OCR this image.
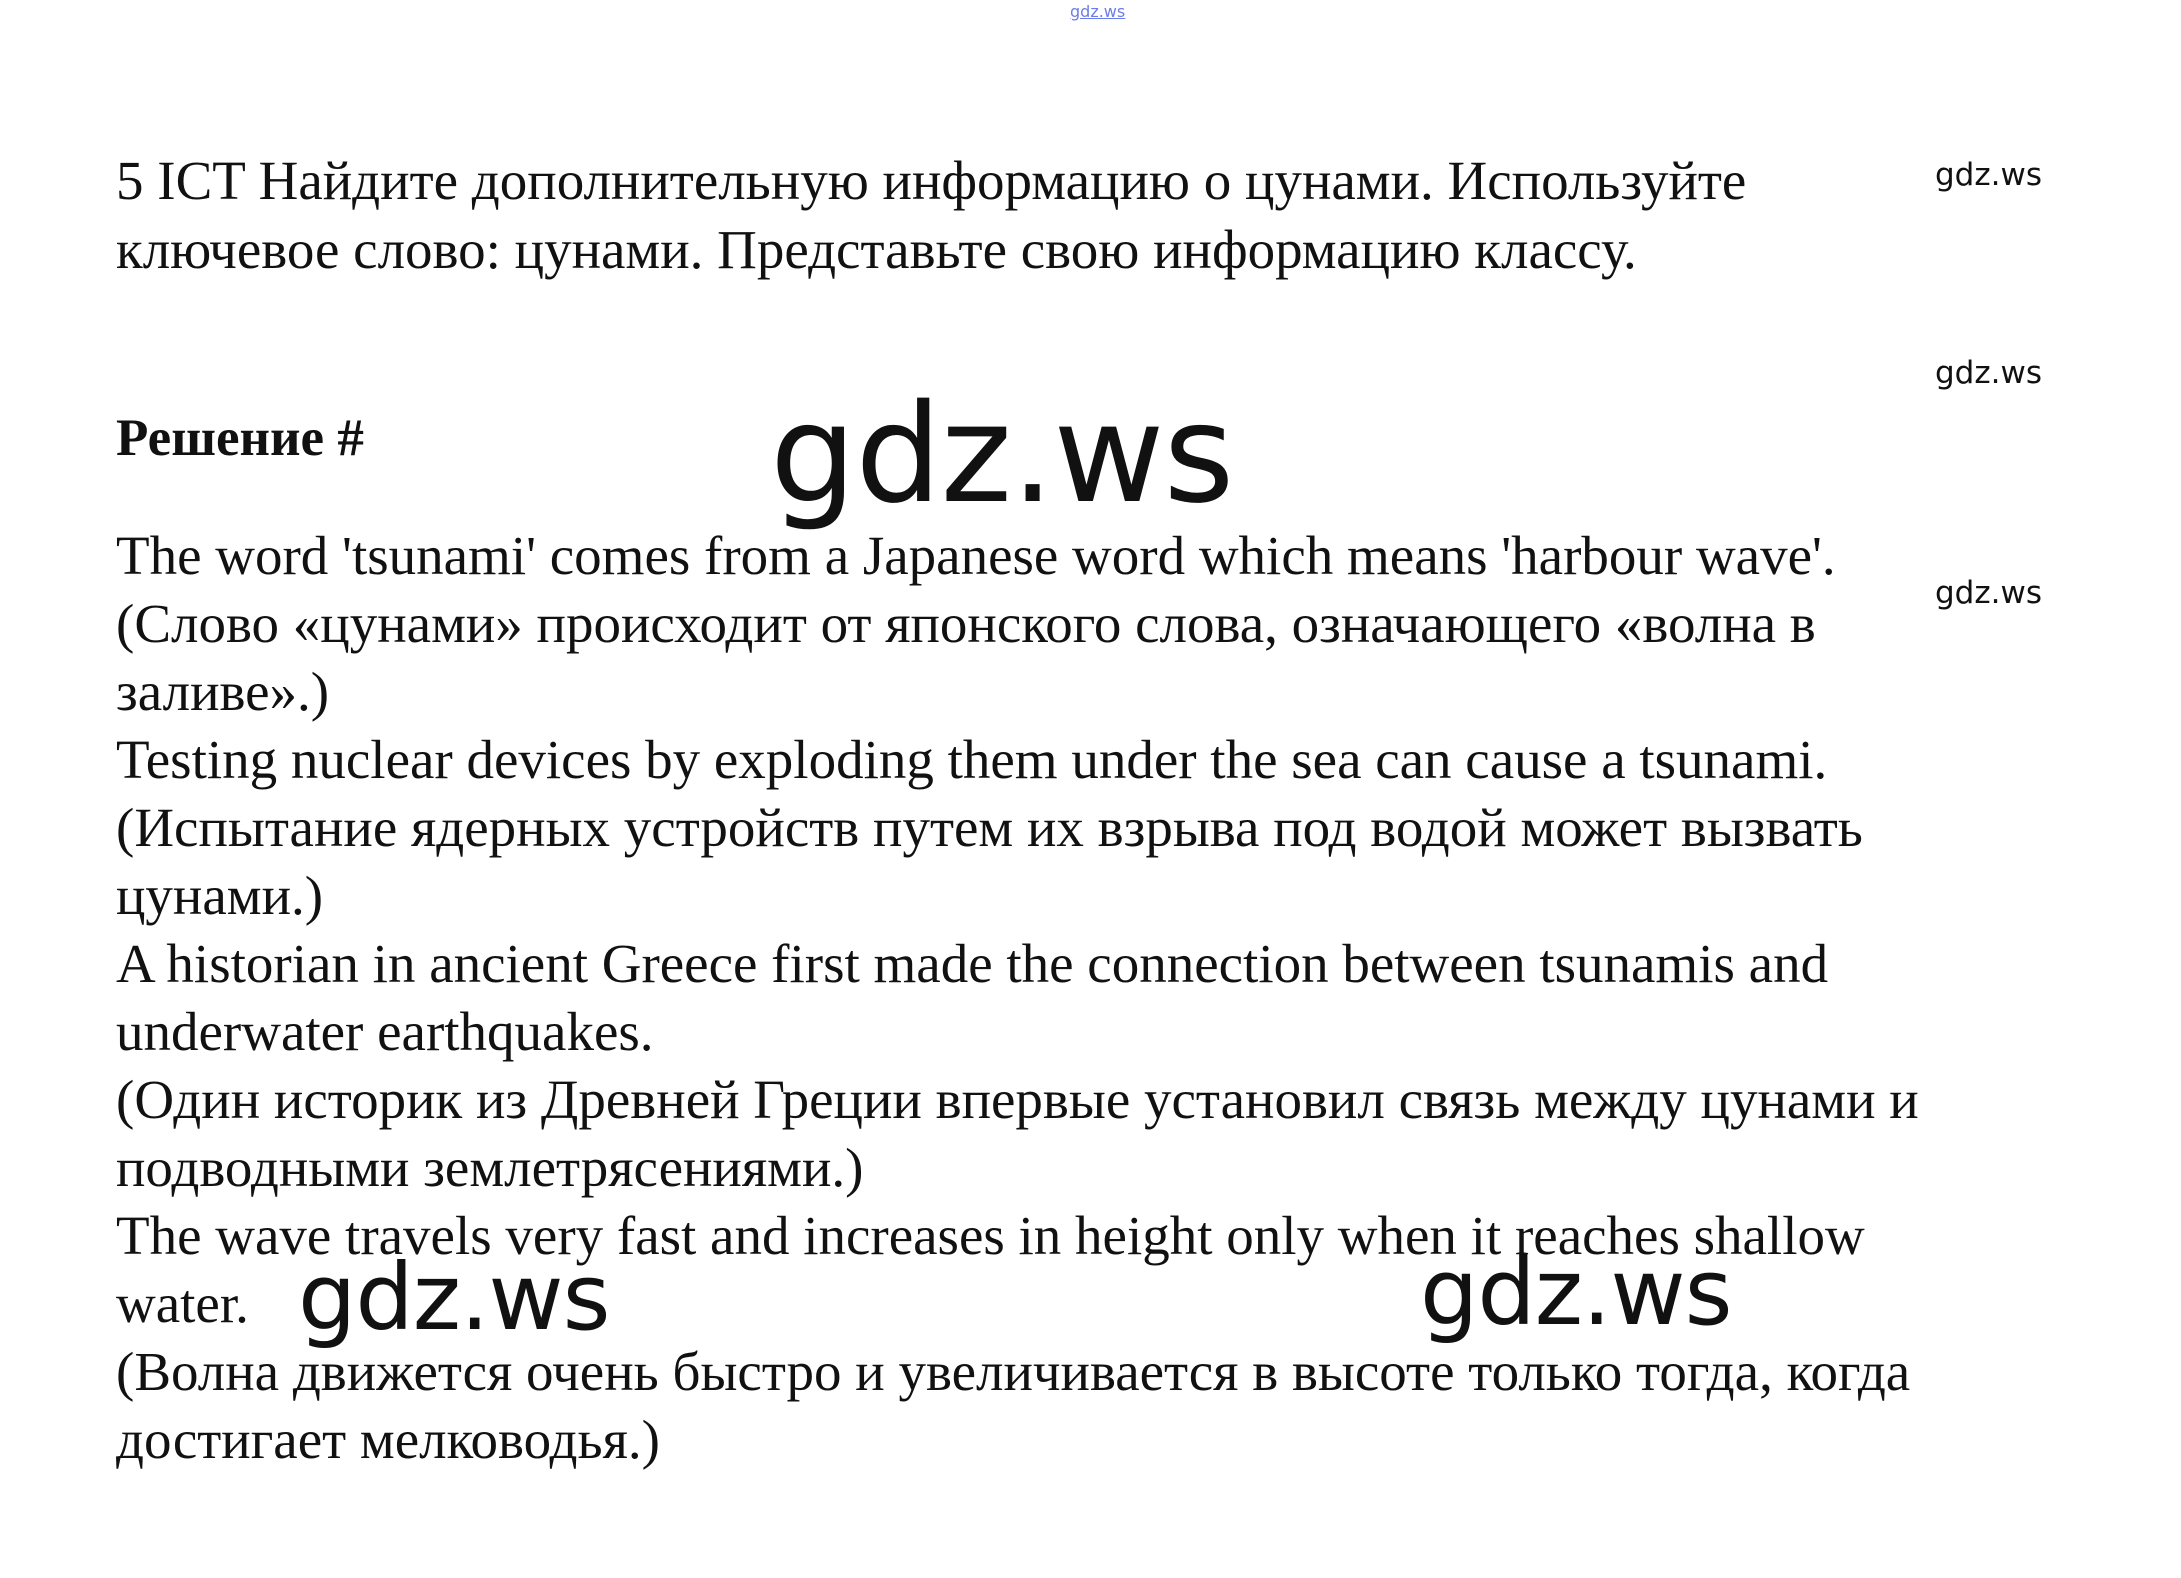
gdz.ws
5 ICT Найдите дополнительную информацию о цунами. Используйте
ключевое слово: цунами. Представьте свою информацию классу.
Решение #
The word 'tsunami' comes from a Japanese word which means 'harbour wave'.
(Слово «цунами» происходит от японского слова, означающего «волна в
заливе».)
Testing nuclear devices by exploding them under the sea can cause a tsunami.
(Испытание ядерных устройств путем их взрыва под водой может вызвать
цунами.)
A historian in ancient Greece first made the connection between tsunamis and
underwater earthquakes.
(Один историк из Древней Греции впервые установил связь между цунами и
подводными землетрясениями.)
The wave travels very fast and increases in height only when it reaches shallow
water.
(Волна движется очень быстро и увеличивается в высоте только тогда, когда
достигает мелководья.)
gdz.ws
gdz.ws
gdz.ws
gdz.ws
gdz.ws	gdz.ws
